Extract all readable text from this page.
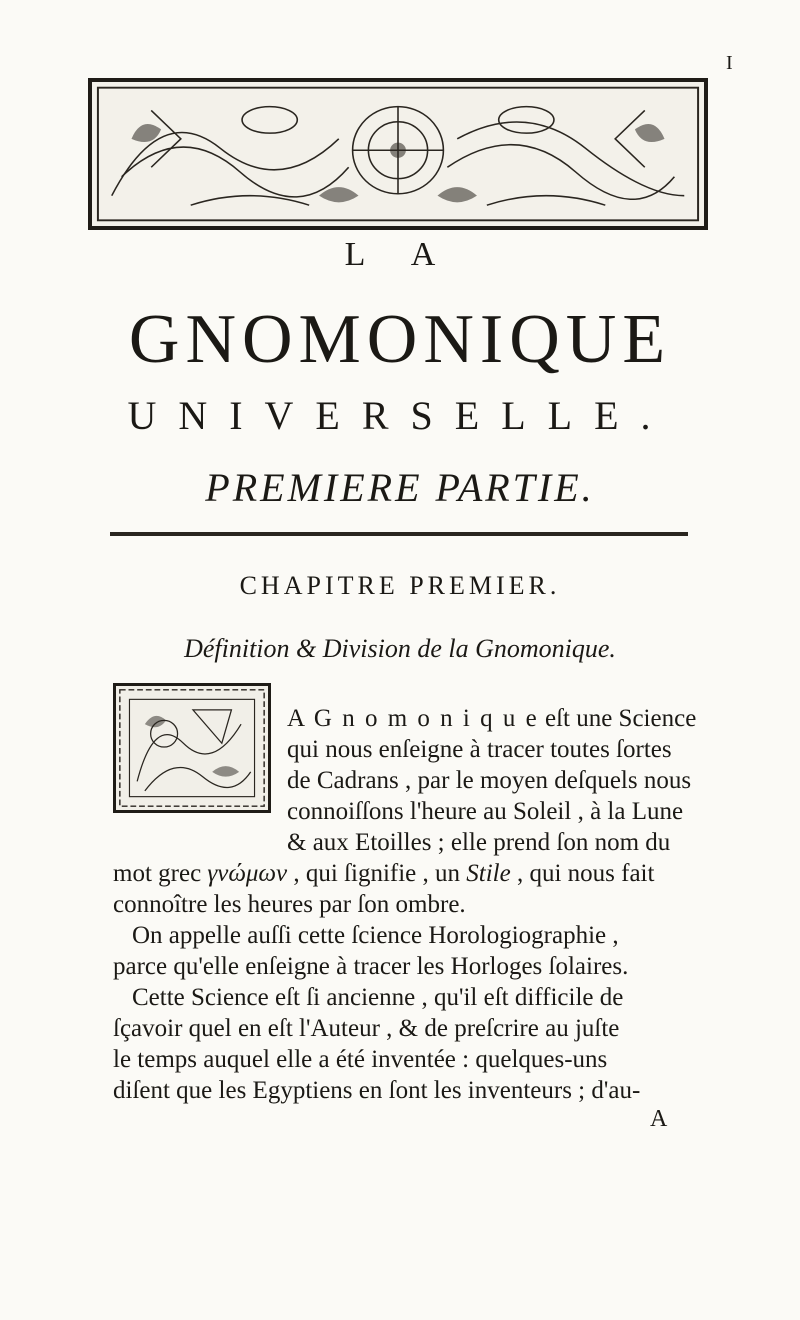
I
L A
GNOMONIQUE
UNIVERSELLE.
PREMIERE PARTIE.
CHAPITRE PREMIER.
Définition & Division de la Gnomonique.
A G n o m o n i q u e eſt une Science
qui nous enſeigne à tracer toutes ſortes
de Cadrans , par le moyen deſquels nous
connoiſſons l'heure au Soleil , à la Lune
& aux Etoilles ; elle prend ſon nom du
mot grec γνώμων , qui ſignifie , un Stile , qui nous fait
connoître les heures par ſon ombre.
On appelle auſſi cette ſcience Horologiographie ,
parce qu'elle enſeigne à tracer les Horloges ſolaires.
Cette Science eſt ſi ancienne , qu'il eſt difficile de
ſçavoir quel en eſt l'Auteur , & de preſcrire au juſte
le temps auquel elle a été inventée : quelques-uns
diſent que les Egyptiens en ſont les inventeurs ; d'au-
A
